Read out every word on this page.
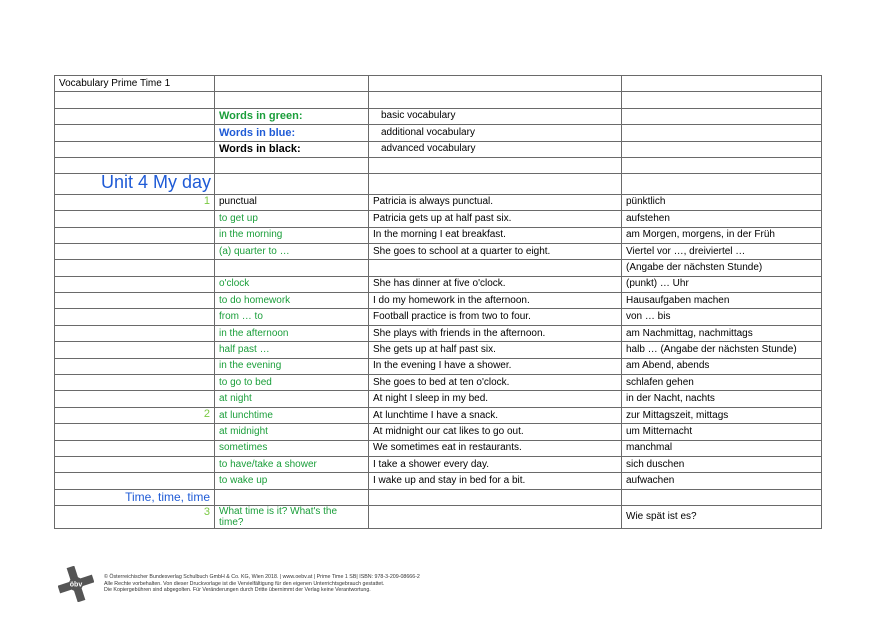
Vocabulary Prime Time 1			

	Words in green:	basic vocabulary	
	Words in blue:	additional vocabulary	
	Words in black:	advanced vocabulary	

Unit 4 My day			
1	punctual	Patricia is always punctual.	pünktlich
	to get up	Patricia gets up at half past six.	aufstehen
	in the morning	In the morning I eat breakfast.	am Morgen, morgens, in der Früh
	(a) quarter to …	She goes to school at a quarter to eight.	Viertel vor …, dreiviertel …
			(Angabe der nächsten Stunde)
	o'clock	She has dinner at five o'clock.	(punkt) … Uhr
	to do homework	I do my homework in the afternoon.	Hausaufgaben machen
	from … to	Football practice is from two to four.	von … bis
	in the afternoon	She plays with friends in the afternoon.	am Nachmittag, nachmittags
	half past …	She gets up at half past six.	halb … (Angabe der nächsten Stunde)
	in the evening	In the evening I have a shower.	am Abend, abends
	to go to bed	She goes to bed at ten o'clock.	schlafen gehen
	at night	At night I sleep in my bed.	in der Nacht, nachts
2	at lunchtime	At lunchtime I have a snack.	zur Mittagszeit, mittags
	at midnight	At midnight our cat likes to go out.	um Mitternacht
	sometimes	We sometimes eat in restaurants.	manchmal
	to have/take a shower	I take a shower every day.	sich duschen
	to wake up	I wake up and stay in bed for a bit.	aufwachen
Time, time, time			
3	What time is it? What's the time?		Wie spät ist es?
öbv
© Österreichischer Bundesverlag Schulbuch GmbH & Co. KG, Wien 2018. | www.oebv.at | Prime Time 1 SB| ISBN: 978-3-209-08666-2
Alle Rechte vorbehalten. Von dieser Druckvorlage ist die Vervielfältigung für den eigenen Unterrichtsgebrauch gestattet.
Die Kopiergebühren sind abgegolten. Für Veränderungen durch Dritte übernimmt der Verlag keine Verantwortung.
